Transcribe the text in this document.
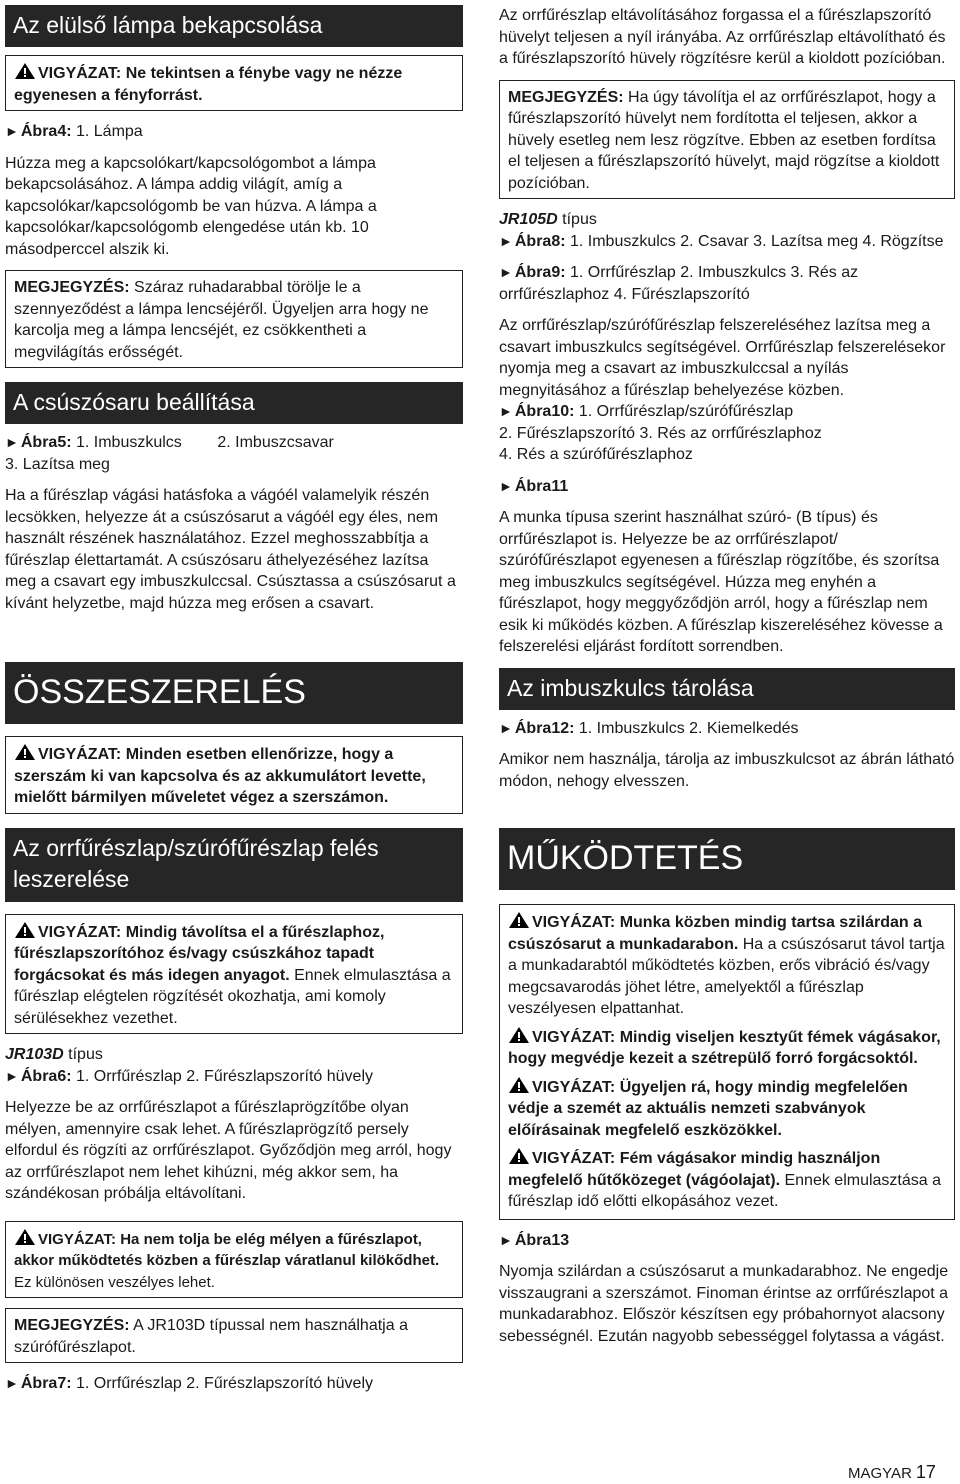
Az elülső lámpa bekapcsolása
VIGYÁZAT: Ne tekintsen a fénybe vagy ne nézze egyenesen a fényforrást.

► Ábra4: 1. Lámpa

Húzza meg a kapcsolókart/kapcsológombot a lámpa bekapcsolásához. A lámpa addig világít, amíg a kapcsolókar/kapcsológomb be van húzva. A lámpa a kapcsolókar/kapcsológomb elengedése után kb. 10 másodperccel alszik ki.

MEGJEGYZÉS: Száraz ruhadarabbal törölje le a szennyeződést a lámpa lencséjéről. Ügyeljen arra hogy ne karcolja meg a lámpa lencséjét, ez csökkentheti a megvilágítás erősségét.
A csúszósaru beállítása

► Ábra5: 1. Imbuszkulcs        2. Imbuszcsavar

3. Lazítsa meg

Ha a fűrészlap vágási hatásfoka a vágóél valamelyik részén lecsökken, helyezze át a csúszósarut a vágóél egy éles, nem használt részének használatához. Ezzel meghosszabbítja a fűrészlap élettartamát. A csúszósaru áthelyezéséhez lazítsa meg a csavart egy imbuszkulccsal. Csúsztassa a csúszósarut a kívánt helyzetbe, majd húzza meg erősen a csavart.

ÖSSZESZERELÉS
VIGYÁZAT: Minden esetben ellenőrizze, hogy a szerszám ki van kapcsolva és az akkumulátort levette, mielőtt bármilyen műveletet végez a szerszámon.
Az orrfűrészlap/szúrófűrészlap felés leszerelése
VIGYÁZAT: Mindig távolítsa el a fűrészlaphoz, fűrészlapszorítóhoz és/vagy csúszkához tapadt forgácsokat és más idegen anyagot. Ennek elmulasztása a fűrészlap elégtelen rögzítését okozhatja, ami komoly sérülésekhez vezethet.

JR103D típus

► Ábra6: 1. Orrfűrészlap 2. Fűrészlapszorító hüvely

Helyezze be az orrfűrészlapot a fűrészlaprögzítőbe olyan mélyen, amennyire csak lehet. A fűrészlaprögzítő persely elfordul és rögzíti az orrfűrészlapot. Győződjön meg arról, hogy az orrfűrészlapot nem lehet kihúzni, még akkor sem, ha szándékosan próbálja eltávolítani.

VIGYÁZAT: Ha nem tolja be elég mélyen a fűrészlapot, akkor működtetés közben a fűrészlap váratlanul kilökődhet. Ez különösen veszélyes lehet.
MEGJEGYZÉS: A JR103D típussal nem használhatja a szúrófűrészlapot.

► Ábra7: 1. Orrfűrészlap 2. Fűrészlapszorító hüvely

Az orrfűrészlap eltávolításához forgassa el a fűrészlapszorító hüvelyt teljesen a nyíl irányába. Az orrfűrészlap eltávolítható és a fűrészlapszorító hüvely rögzítésre kerül a kioldott pozícióban.

MEGJEGYZÉS: Ha úgy távolítja el az orrfűrészlapot, hogy a fűrészlapszorító hüvelyt nem fordította el teljesen, akkor a hüvely esetleg nem lesz rögzítve. Ebben az esetben fordítsa el teljesen a fűrészlapszorító hüvelyt, majd rögzítse a kioldott pozícióban.

JR105D típus

► Ábra8: 1. Imbuszkulcs 2. Csavar 3. Lazítsa meg 4. Rögzítse

► Ábra9: 1. Orrfűrészlap 2. Imbuszkulcs 3. Rés az orrfűrészlaphoz 4. Fűrészlapszorító

Az orrfűrészlap/szúrófűrészlap felszereléséhez lazítsa meg a csavart imbuszkulcs segítségével. Orrfűrészlap felszerelésekor nyomja meg a csavart az imbuszkulccsal a nyílás megnyitásához a fűrészlap behelyezése közben.

► Ábra10: 1. Orrfűrészlap/szúrófűrészlap

2. Fűrészlapszorító 3. Rés az orrfűrészlaphoz

4. Rés a szúrófűrészlaphoz

► Ábra11

A munka típusa szerint használhat szúró- (B típus) és orrfűrészlapot is. Helyezze be az orrfűrészlapot/ szúrófűrészlapot egyenesen a fűrészlap rögzítőbe, és szorítsa meg imbuszkulcs segítségével. Húzza meg enyhén a fűrészlapot, hogy meggyőződjön arról, hogy a fűrészlap nem esik ki működés közben. A fűrészlap kiszereléséhez kövesse a felszerelési eljárást fordított sorrendben.

Az imbuszkulcs tárolása

► Ábra12: 1. Imbuszkulcs 2. Kiemelkedés

Amikor nem használja, tárolja az imbuszkulcsot az ábrán látható módon, nehogy elvesszen.

MŰKÖDTETÉS

VIGYÁZAT: Munka közben mindig tartsa szilárdan a csúszósarut a munkadarabon. Ha a csúszósarut távol tartja a munkadarabtól működtetés közben, erős vibráció és/vagy megcsavarodás jöhet létre, amelyektől a fűrészlap veszélyesen elpattanhat.

VIGYÁZAT: Mindig viseljen kesztyűt fémek vágásakor, hogy megvédje kezeit a szétrepülő forró forgácsoktól.

VIGYÁZAT: Ügyeljen rá, hogy mindig megfelelően védje a szemét az aktuális nemzeti szabványok előírásainak megfelelő eszközökkel.

VIGYÁZAT: Fém vágásakor mindig használjon megfelelő hűtőközeget (vágóolajat). Ennek elmulasztása a fűrészlap idő előtti elkopásához vezet.

► Ábra13

Nyomja szilárdan a csúszósarut a munkadarabhoz. Ne engedje visszaugrani a szerszámot. Finoman érintse az orrfűrészlapot a munkadarabhoz. Először készítsen egy próbahornyot alacsony sebességnél. Ezután nagyobb sebességgel folytassa a vágást.

MAGYAR 17
